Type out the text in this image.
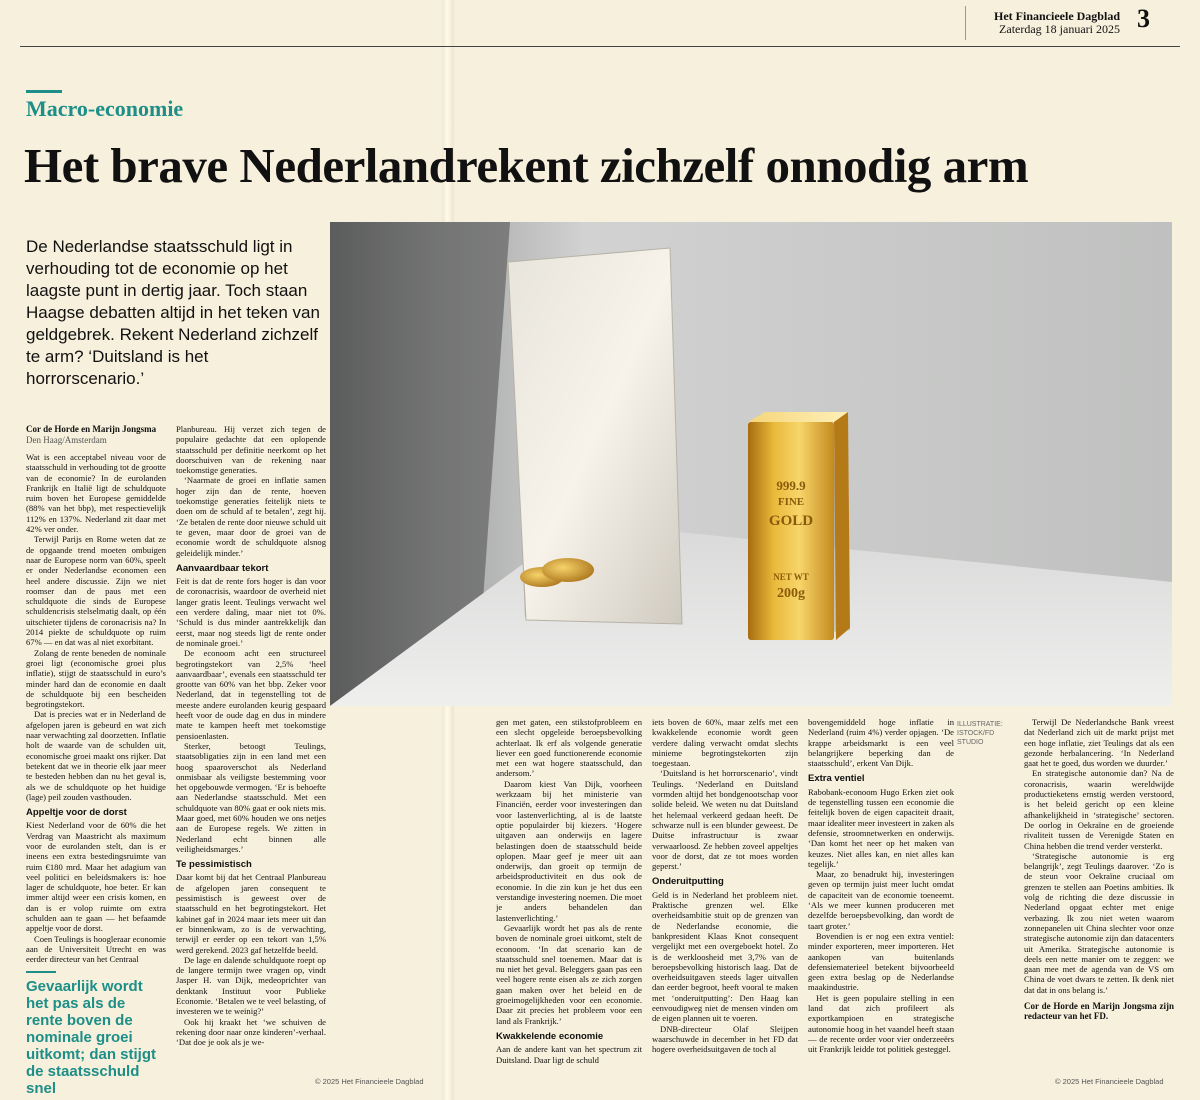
Het Financieele Dagblad
Zaterdag 18 januari 2025 3
Macro-economie
Het brave Nederland rekent zichzelf onnodig arm
De Nederlandse staatsschuld ligt in verhouding tot de economie op het laagste punt in dertig jaar. Toch staan Haagse debatten altijd in het teken van geldgebrek. Rekent Nederland zichzelf te arm? ‘Duitsland is het horrorscenario.’
999.9
FINE
GOLD
NET WT
200g
Cor de Horde en Marijn Jongsma
Den Haag/Amsterdam

Wat is een acceptabel niveau voor de staatsschuld in verhouding tot de grootte van de economie? In de eurolanden Frankrijk en Italië ligt de schuldquote ruim boven het Europese gemiddelde (88% van het bbp), met respectievelijk 112% en 137%. Nederland zit daar met 42% ver onder.

Terwijl Parijs en Rome weten dat ze de opgaande trend moeten ombuigen naar de Europese norm van 60%, speelt er onder Nederlandse economen een heel andere discussie. Zijn we niet roomser dan de paus met een schuldquote die sinds de Europese schuldencrisis stelselmatig daalt, op één uitschieter tijdens de coronacrisis na? In 2014 piekte de schuldquote op ruim 67% — en dat was al niet exorbitant.

Zolang de rente beneden de nominale groei ligt (economische groei plus inflatie), stijgt de staatsschuld in euro’s minder hard dan de economie en daalt de schuldquote bij een bescheiden begrotingstekort.

Dat is precies wat er in Nederland de afgelopen jaren is gebeurd en wat zich naar verwachting zal doorzetten. Inflatie holt de waarde van de schulden uit, economische groei maakt ons rijker. Dat betekent dat we in theorie elk jaar meer te besteden hebben dan nu het geval is, als we de schuldquote op het huidige (lage) peil zouden vasthouden.

Appeltje voor de dorst

Kiest Nederland voor de 60% die het Verdrag van Maastricht als maximum voor de eurolanden stelt, dan is er ineens een extra bestedingsruimte van ruim €180 mrd. Maar het adagium van veel politici en beleidsmakers is: hoe lager de schuldquote, hoe beter. Er kan immer altijd weer een crisis komen, en dan is er volop ruimte om extra schulden aan te gaan — het befaamde appeltje voor de dorst.

Coen Teulings is hoogleraar economie aan de Universiteit Utrecht en was eerder directeur van het Centraal

Gevaarlijk wordt het pas als de rente boven de nominale groei uitkomt; dan stijgt de staatsschuld snel

Planbureau. Hij verzet zich tegen de populaire gedachte dat een oplopende staatsschuld per definitie neerkomt op het doorschuiven van de rekening naar toekomstige generaties.

‘Naarmate de groei en inflatie samen hoger zijn dan de rente, hoeven toekomstige generaties feitelijk niets te doen om de schuld af te betalen’, zegt hij. ‘Ze betalen de rente door nieuwe schuld uit te geven, maar door de groei van de economie wordt de schuldquote alsnog geleidelijk minder.’

Aanvaardbaar tekort

Feit is dat de rente fors hoger is dan voor de coronacrisis, waardoor de overheid niet langer gratis leent. Teulings verwacht wel een verdere daling, maar niet tot 0%. ‘Schuld is dus minder aantrekkelijk dan eerst, maar nog steeds ligt de rente onder de nominale groei.’

De econoom acht een structureel begrotingstekort van 2,5% ‘heel aanvaardbaar’, evenals een staatsschuld ter grootte van 60% van het bbp. Zeker voor Nederland, dat in tegenstelling tot de meeste andere eurolanden keurig gespaard heeft voor de oude dag en dus in mindere mate te kampen heeft met toekomstige pensioenlasten.

Sterker, betoogt Teulings, staatsobligaties zijn in een land met een hoog spaaroverschot als Nederland onmisbaar als veiligste bestemming voor het opgebouwde vermogen. ‘Er is behoefte aan Nederlandse staatsschuld. Met een schuldquote van 80% gaat er ook niets mis. Maar goed, met 60% houden we ons netjes aan de Europese regels. We zitten in Nederland echt binnen alle veiligheidsmarges.’

Te pessimistisch

Daar komt bij dat het Centraal Planbureau de afgelopen jaren consequent te pessimistisch is geweest over de staatsschuld en het begrotingstekort. Het kabinet gaf in 2024 maar iets meer uit dan er binnenkwam, zo is de verwachting, terwijl er eerder op een tekort van 1,5% werd gerekend. 2023 gaf hetzelfde beeld.

De lage en dalende schuldquote roept op de langere termijn twee vragen op, vindt Jasper H. van Dijk, medeoprichter van denktank Instituut voor Publieke Economie. ‘Betalen we te veel belasting, of investeren we te weinig?’

Ook hij kraakt het ‘we schuiven de rekening door naar onze kinderen’-verhaal. ‘Dat doe je ook als je we-

gen met gaten, een stikstofprobleem en een slecht opgeleide beroepsbevolking achterlaat. Ik erf als volgende generatie liever een goed functionerende economie met een wat hogere staatsschuld, dan andersom.’

Daarom kiest Van Dijk, voorheen werkzaam bij het ministerie van Financiën, eerder voor investeringen dan voor lastenverlichting, al is de laatste optie populairder bij kiezers. ‘Hogere uitgaven aan onderwijs en lagere belastingen doen de staatsschuld beide oplopen. Maar geef je meer uit aan onderwijs, dan groeit op termijn de arbeidsproductiviteit en dus ook de economie. In die zin kun je het dus een verstandige investering noemen. Die moet je anders behandelen dan lastenverlichting.’

Gevaarlijk wordt het pas als de rente boven de nominale groei uitkomt, stelt de econoom. ‘In dat scenario kan de staatsschuld snel toenemen. Maar dat is nu niet het geval. Beleggers gaan pas een veel hogere rente eisen als ze zich zorgen gaan maken over het beleid en de groeimogelijkheden voor een economie. Daar zit precies het probleem voor een land als Frankrijk.’

Kwakkelende economie

Aan de andere kant van het spectrum zit Duitsland. Daar ligt de schuld

iets boven de 60%, maar zelfs met een kwakkelende economie wordt geen verdere daling verwacht omdat slechts minieme begrotingstekorten zijn toegestaan.

‘Duitsland is het horrorscenario’, vindt Teulings. ‘Nederland en Duitsland vormden altijd het bondgenootschap voor solide beleid. We weten nu dat Duitsland het helemaal verkeerd gedaan heeft. De schwarze null is een blunder geweest. De Duitse infrastructuur is zwaar verwaarloosd. Ze hebben zoveel appeltjes voor de dorst, dat ze tot moes worden geperst.’

Onderuitputting

Geld is in Nederland het probleem niet. Praktische grenzen wel. Elke overheidsambitie stuit op de grenzen van de Nederlandse economie, die bankpresident Klaas Knot consequent vergelijkt met een overgeboekt hotel. Zo is de werkloosheid met 3,7% van de beroepsbevolking historisch laag. Dat de overheidsuitgaven steeds lager uitvallen dan eerder begroot, heeft vooral te maken met ‘onderuitputting’: Den Haag kan eenvoudigweg niet de mensen vinden om de eigen plannen uit te voeren.

DNB-directeur Olaf Sleijpen waarschuwde in december in het FD dat hogere overheidsuitgaven de toch al

bovengemiddeld hoge inflatie in Nederland (ruim 4%) verder opjagen. ‘De krappe arbeidsmarkt is een veel belangrijkere beperking dan de staatsschuld’, erkent Van Dijk.

Extra ventiel

Rabobank-econoom Hugo Erken ziet ook de tegenstelling tussen een economie die feitelijk boven de eigen capaciteit draait, maar idealiter meer investeert in zaken als defensie, stroomnetwerken en onderwijs. ‘Dan komt het neer op het maken van keuzes. Niet alles kan, en niet alles kan tegelijk.’

Maar, zo benadrukt hij, investeringen geven op termijn juist meer lucht omdat de capaciteit van de economie toeneemt. ‘Als we meer kunnen produceren met dezelfde beroepsbevolking, dan wordt de taart groter.’

Bovendien is er nog een extra ventiel: minder exporteren, meer importeren. Het aankopen van buitenlands defensiematerieel betekent bijvoorbeeld geen extra beslag op de Nederlandse maakindustrie.

Het is geen populaire stelling in een land dat zich profileert als exportkampioen en strategische autonomie hoog in het vaandel heeft staan — de recente order voor vier onderzeeërs uit Frankrijk leidde tot politiek gesteggel.

ILLUSTRATIE: ISTOCK/FD STUDIO

Terwijl De Nederlandsche Bank vreest dat Nederland zich uit de markt prijst met een hoge inflatie, ziet Teulings dat als een gezonde herbalancering. ‘In Nederland gaat het te goed, dus worden we duurder.’

En strategische autonomie dan? Na de coronacrisis, waarin wereldwijde productieketens ernstig werden verstoord, is het beleid gericht op een kleine afhankelijkheid in ‘strategische’ sectoren. De oorlog in Oekraïne en de groeiende rivaliteit tussen de Verenigde Staten en China hebben die trend verder versterkt.

‘Strategische autonomie is erg belangrijk’, zegt Teulings daarover. ‘Zo is de steun voor Oekraïne cruciaal om grenzen te stellen aan Poetins ambities. Ik volg de richting die deze discussie in Nederland opgaat echter met enige verbazing. Ik zou niet weten waarom zonnepanelen uit China slechter voor onze strategische autonomie zijn dan datacenters uit Amerika. Strategische autonomie is deels een nette manier om te zeggen: we gaan mee met de agenda van de VS om China de voet dwars te zetten. Ik denk niet dat dat in ons belang is.’

Cor de Horde en Marijn Jongsma zijn redacteur van het FD.
© 2025 Het Financieele Dagblad	© 2025 Het Financieele Dagblad
